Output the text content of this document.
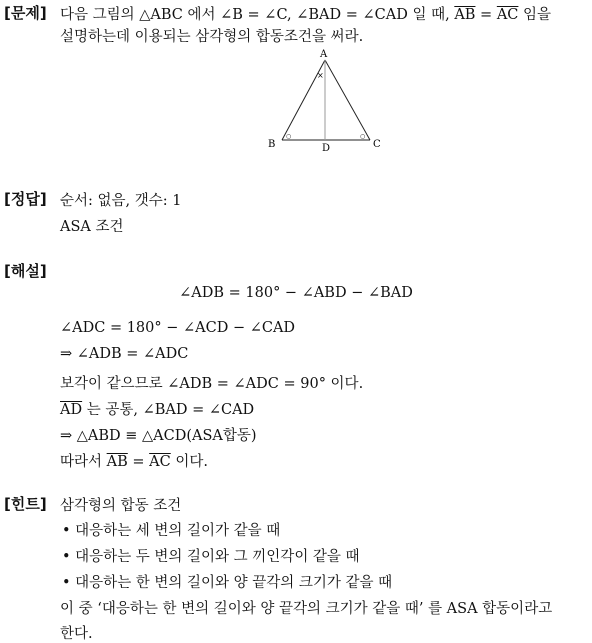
[문제] 다음 그림의 △ABC 에서 ∠B = ∠C, ∠BAD = ∠CAD 일 때, $\overline{AB} = \overline{AC}$ 임을
설명하는데 이용되는 삼각형의 합동조건을 써라.
A
B	C
D
×
○	○
[정답] 순서: 없음, 갯수: 1
ASA 조건
[해설]
∠ADB = 180° − ∠ABD − ∠BAD
∠ADC = 180° − ∠ACD − ∠CAD
⇒ ∠ADB = ∠ADC
보각이 같으므로 ∠ADB = ∠ADC = 90° 이다.
$\overline{AD}$ 는 공통, ∠BAD = ∠CAD
⇒ △ABD ≡ △ACD(ASA합동)
따라서 $\overline{AB} = \overline{AC}$ 이다.
[힌트] 삼각형의 합동 조건
• 대응하는 세 변의 길이가 같을 때
• 대응하는 두 변의 길이와 그 끼인각이 같을 때
• 대응하는 한 변의 길이와 양 끝각의 크기가 같을 때
이 중 ‘대응하는 한 변의 길이와 양 끝각의 크기가 같을 때’ 를 ASA 합동이라고
한다.
